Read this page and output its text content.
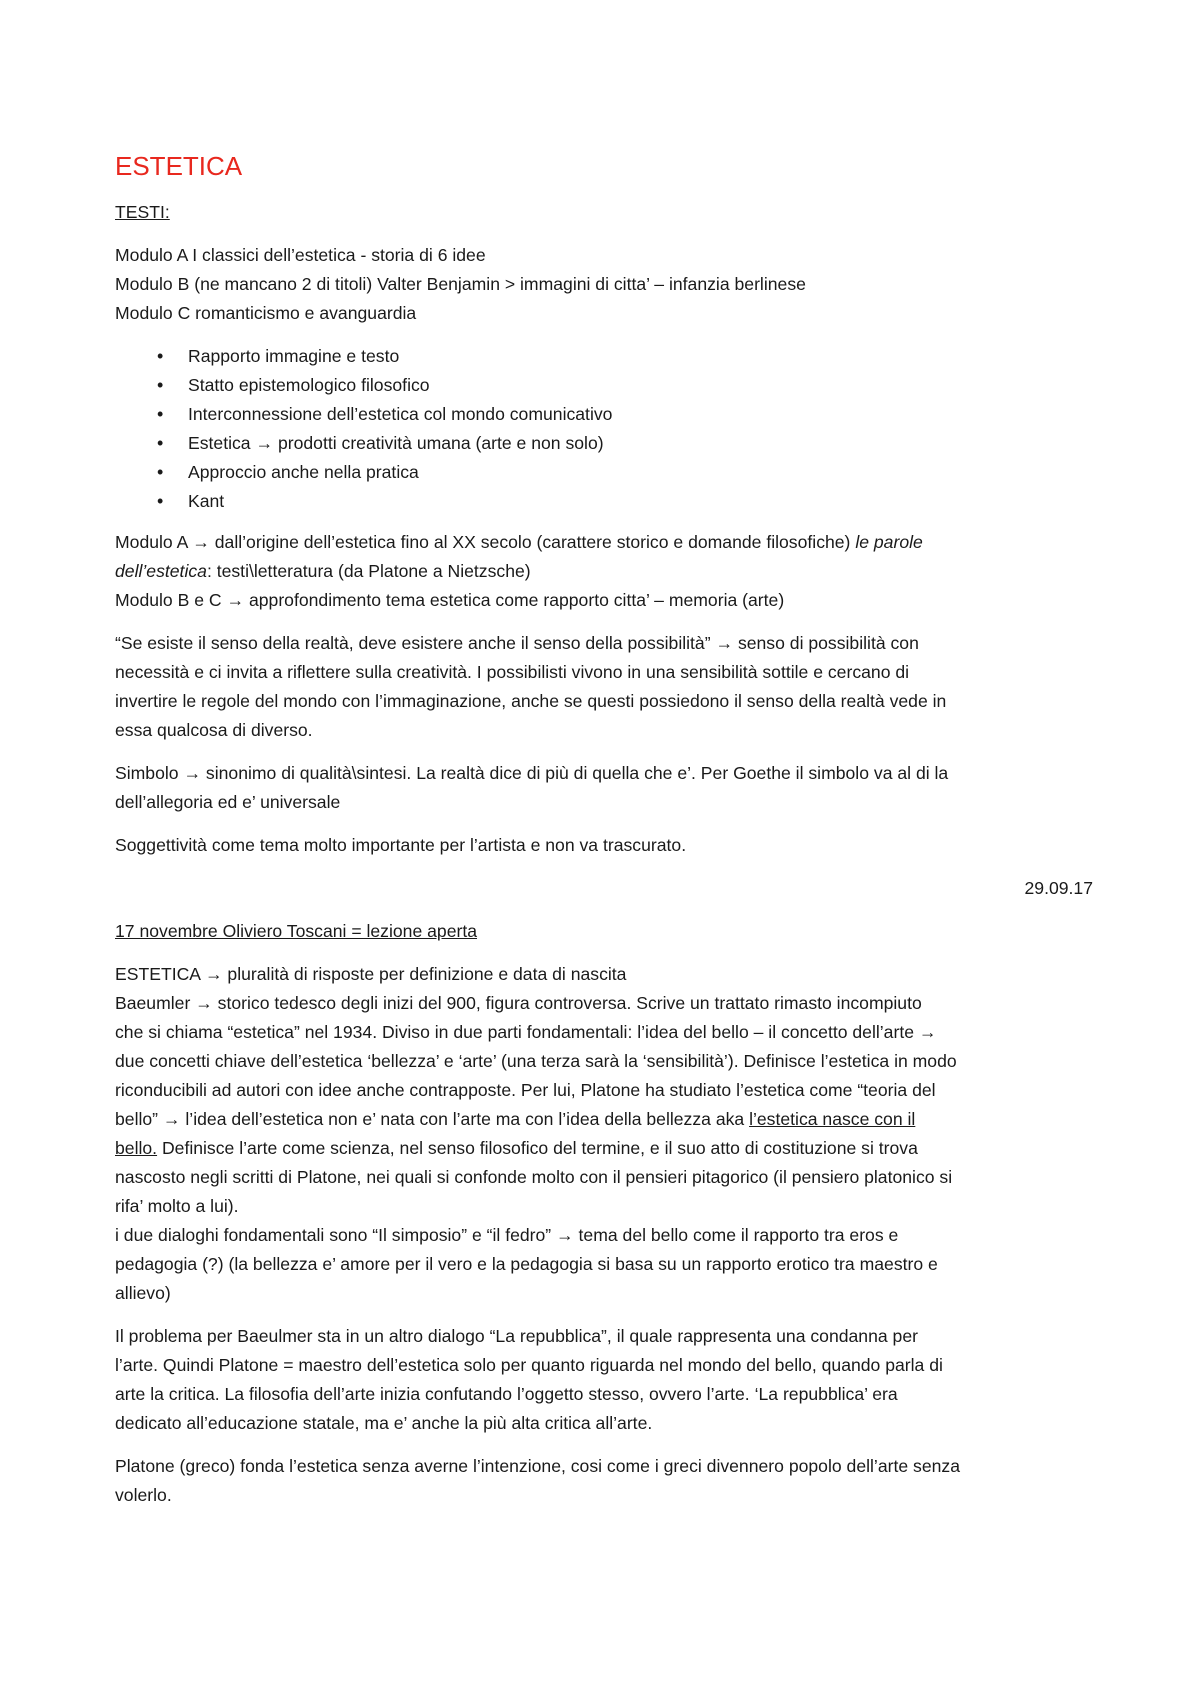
ESTETICA
TESTI:
Modulo A I classici dell’estetica - storia di 6 idee
Modulo B (ne mancano 2 di titoli) Valter Benjamin > immagini di citta’ – infanzia berlinese
Modulo C romanticismo e avanguardia
• Rapporto immagine e testo
• Statto epistemologico filosofico
• Interconnessione dell’estetica col mondo comunicativo
• Estetica → prodotti creatività umana (arte e non solo)
• Approccio anche nella pratica
• Kant
Modulo A → dall’origine dell’estetica fino al XX secolo (carattere storico e domande filosofiche) le parole
dell’estetica: testi\letteratura (da Platone a Nietzsche)
Modulo B e C → approfondimento tema estetica come rapporto citta’ – memoria (arte)
“Se esiste il senso della realtà, deve esistere anche il senso della possibilità” → senso di possibilità con
necessità e ci invita a riflettere sulla creatività. I possibilisti vivono in una sensibilità sottile e cercano di
invertire le regole del mondo con l’immaginazione, anche se questi possiedono il senso della realtà vede in
essa qualcosa di diverso.
Simbolo → sinonimo di qualità\sintesi. La realtà dice di più di quella che e’. Per Goethe il simbolo va al di la
dell’allegoria ed e’ universale
Soggettività come tema molto importante per l’artista e non va trascurato.
29.09.17
17 novembre Oliviero Toscani = lezione aperta
ESTETICA → pluralità di risposte per definizione e data di nascita
Baeumler → storico tedesco degli inizi del 900, figura controversa. Scrive un trattato rimasto incompiuto
che si chiama “estetica” nel 1934. Diviso in due parti fondamentali: l’idea del bello – il concetto dell’arte →
due concetti chiave dell’estetica ‘bellezza’ e ‘arte’ (una terza sarà la ‘sensibilità’). Definisce l’estetica in modo
riconducibili ad autori con idee anche contrapposte. Per lui, Platone ha studiato l’estetica come “teoria del
bello” → l’idea dell’estetica non e’ nata con l’arte ma con l’idea della bellezza aka l’estetica nasce con il
bello. Definisce l’arte come scienza, nel senso filosofico del termine, e il suo atto di costituzione si trova
nascosto negli scritti di Platone, nei quali si confonde molto con il pensieri pitagorico (il pensiero platonico si
rifa’ molto a lui).
i due dialoghi fondamentali sono “Il simposio” e “il fedro” → tema del bello come il rapporto tra eros e
pedagogia (?) (la bellezza e’ amore per il vero e la pedagogia si basa su un rapporto erotico tra maestro e
allievo)
Il problema per Baeulmer sta in un altro dialogo “La repubblica”, il quale rappresenta una condanna per
l’arte. Quindi Platone = maestro dell’estetica solo per quanto riguarda nel mondo del bello, quando parla di
arte la critica. La filosofia dell’arte inizia confutando l’oggetto stesso, ovvero l’arte. ‘La repubblica’ era
dedicato all’educazione statale, ma e’ anche la più alta critica all’arte.
Platone (greco) fonda l’estetica senza averne l’intenzione, cosi come i greci divennero popolo dell’arte senza
volerlo.
